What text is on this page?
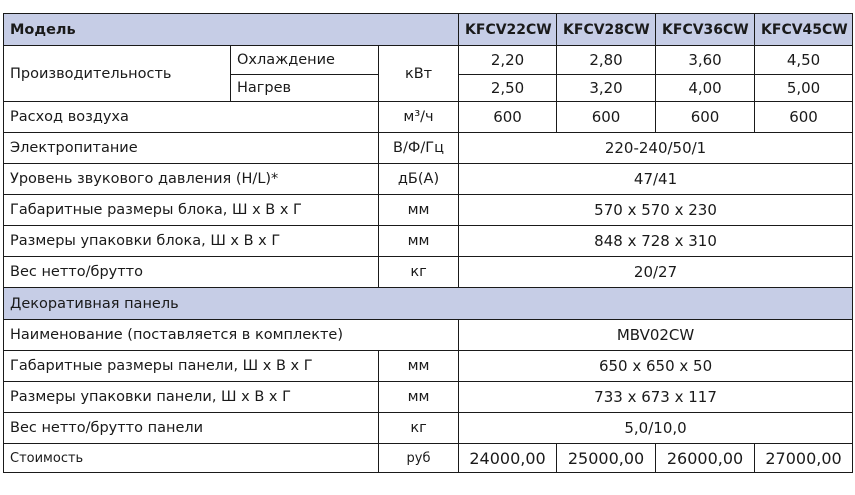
Модель			KFCV22CW	KFCV28CW	KFCV36CW	KFCV45CW
Производительность	Охлаждение	кВт	2,20	2,80	3,60	4,50
	Нагрев		2,50	3,20	4,00	5,00
Расход воздуха		м³/ч	600	600	600	600
Электропитание		В/Ф/Гц	220-240/50/1			
Уровень звукового давления (H/L)*		дБ(А)	47/41			
Габаритные размеры блока, Ш х В х Г		мм	570 х 570 х 230			
Размеры упаковки блока, Ш х В х Г		мм	848 х 728 х 310			
Вес нетто/брутто		кг	20/27			
Декоративная панель						
Наименование (поставляется в комплекте)			MBV02CW			
Габаритные размеры панели, Ш х В х Г		мм	650 х 650 х 50			
Размеры упаковки панели, Ш х В х Г		мм	733 х 673 х 117			
Вес нетто/брутто панели		кг	5,0/10,0			
Стоимость		руб	24000,00	25000,00	26000,00	27000,00
